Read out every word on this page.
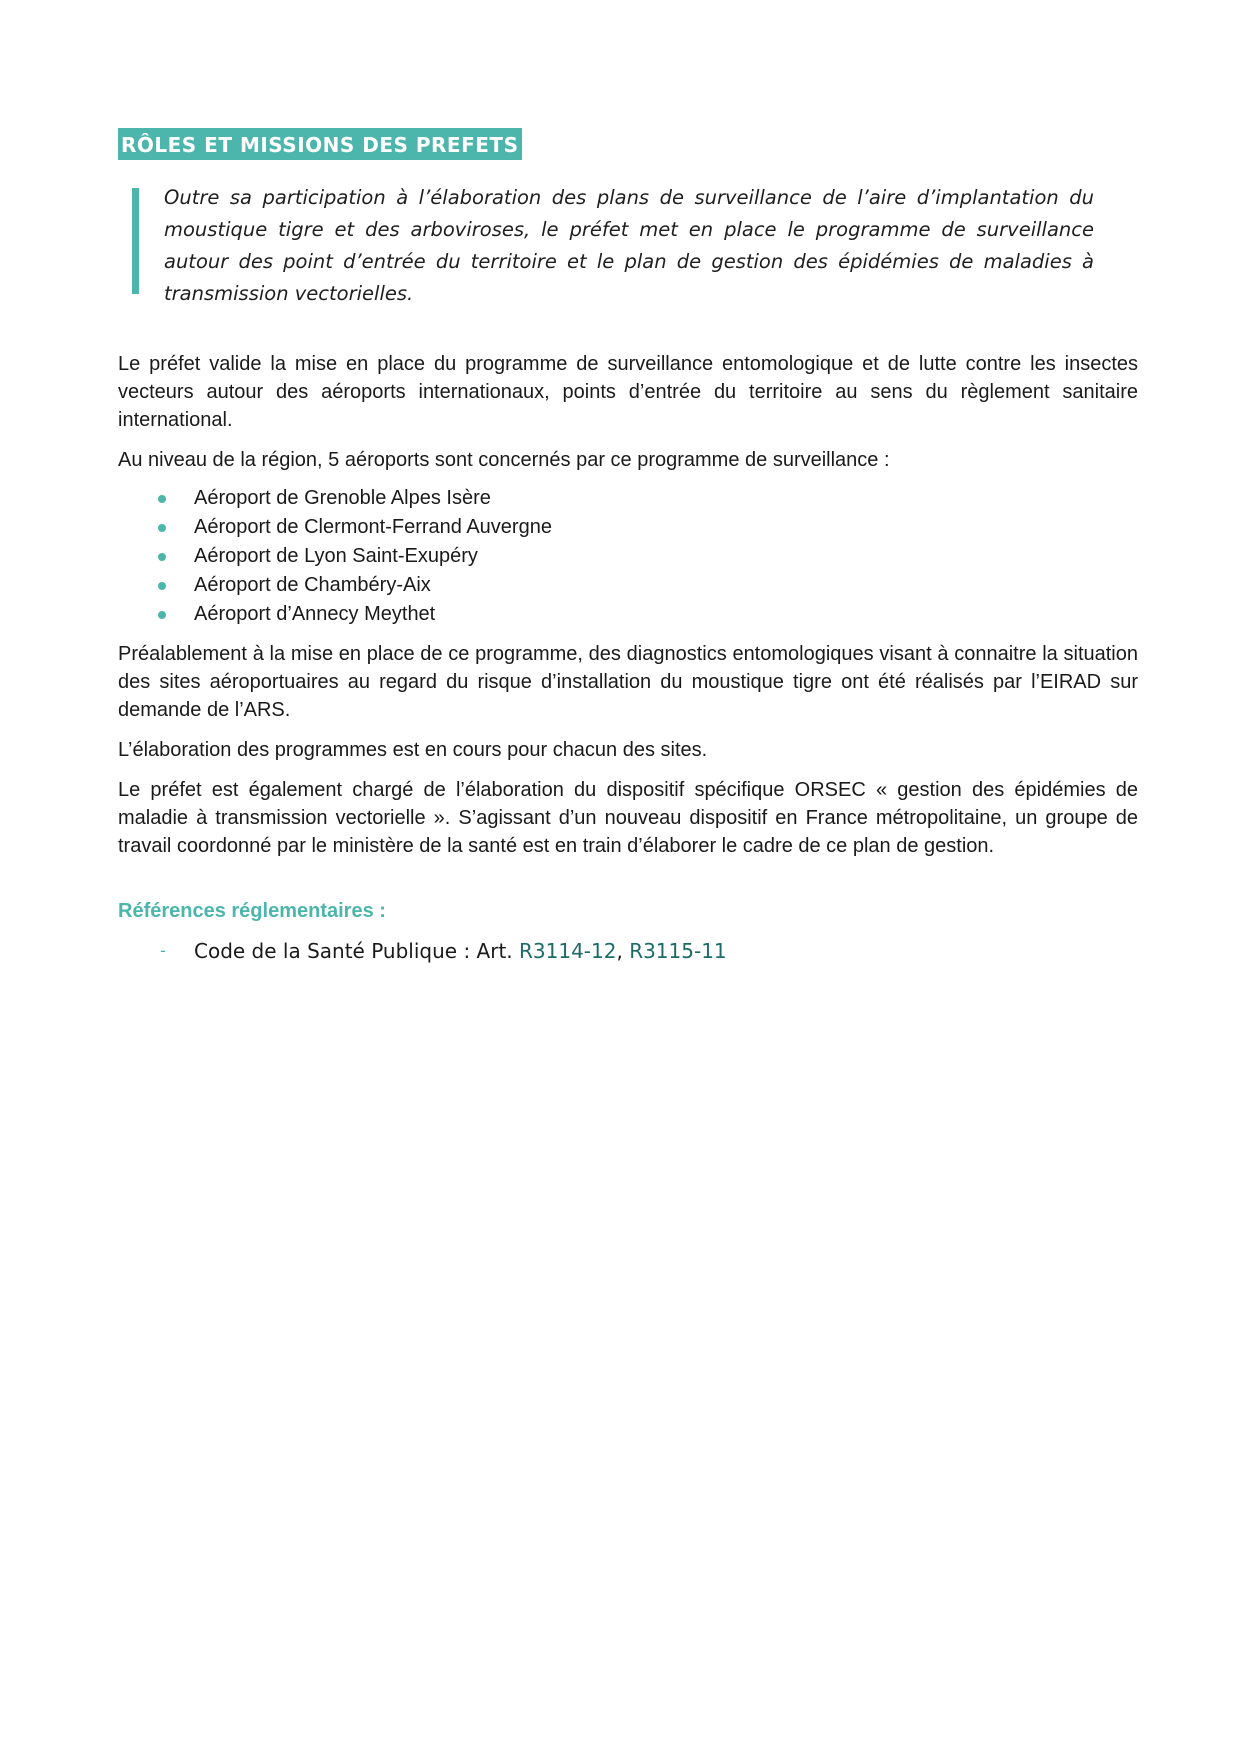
RÔLES ET MISSIONS DES PREFETS

Outre sa participation à l’élaboration des plans de surveillance de l’aire d’implantation du moustique tigre et des arboviroses, le préfet met en place le programme de surveillance autour des point d’entrée du territoire et le plan de gestion des épidémies de maladies à transmission vectorielles.

Le préfet valide la mise en place du programme de surveillance entomologique et de lutte contre les insectes vecteurs autour des aéroports internationaux, points d’entrée du territoire au sens du règlement sanitaire international.

Au niveau de la région, 5 aéroports sont concernés par ce programme de surveillance :

Aéroport de Grenoble Alpes Isère
Aéroport de Clermont-Ferrand Auvergne
Aéroport de Lyon Saint-Exupéry
Aéroport de Chambéry-Aix
Aéroport d’Annecy Meythet

Préalablement à la mise en place de ce programme, des diagnostics entomologiques visant à connaitre la situation des sites aéroportuaires au regard du risque d’installation du moustique tigre ont été réalisés par l’EIRAD sur demande de l’ARS.

L’élaboration des programmes est en cours pour chacun des sites.

Le préfet est également chargé de l’élaboration du dispositif spécifique ORSEC « gestion des épidémies de maladie à transmission vectorielle ». S’agissant d’un nouveau dispositif en France métropolitaine, un groupe de travail coordonné par le ministère de la santé est en train d’élaborer le cadre de ce plan de gestion.

Références réglementaires :
- Code de la Santé Publique : Art. R3114-12, R3115-11
